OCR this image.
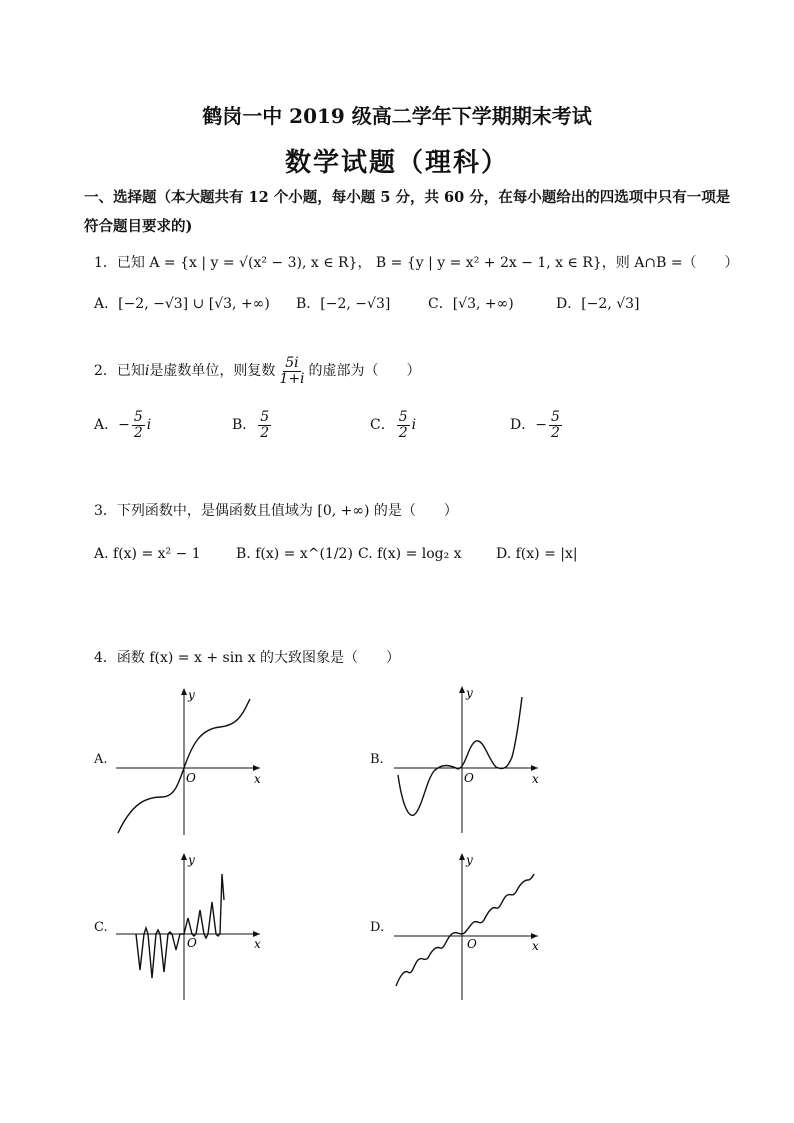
鹤岗一中 2019 级高二学年下学期期末考试
数学试题（理科）
一、选择题（本大题共有 12 个小题，每小题 5 分，共 60 分，在每小题给出的四选项中只有一项是
符合题目要求的)
1．已知 A = {x | y = √(x² − 3), x ∈ R}， B = {y | y = x² + 2x − 1, x ∈ R}，则 A∩B =（　　）
A．[−2, −√3] ∪ [√3, +∞) B．[−2, −√3]	C．[√3, +∞)	D．[−2, √3]
2．已知i是虚数单位，则复数 $\frac{5i}{1+i}$ 的虚部为（　　）
A．− $\frac{5}{2}$ i	B． $\frac{5}{2}$	C． $\frac{5}{2}$ i	D．− $\frac{5}{2}$
3．下列函数中，是偶函数且值域为 [0, +∞) 的是（　　）
A. f(x) = x² − 1	B. f(x) = x^(1/2) C. f(x) = log₂ x D. f(x) = |x|
4．函数 f(x) = x + sin x 的大致图象是（　　）
A.
x
y
O
B.
x
y
O
C.
x
y
O
D.
x
y
O
